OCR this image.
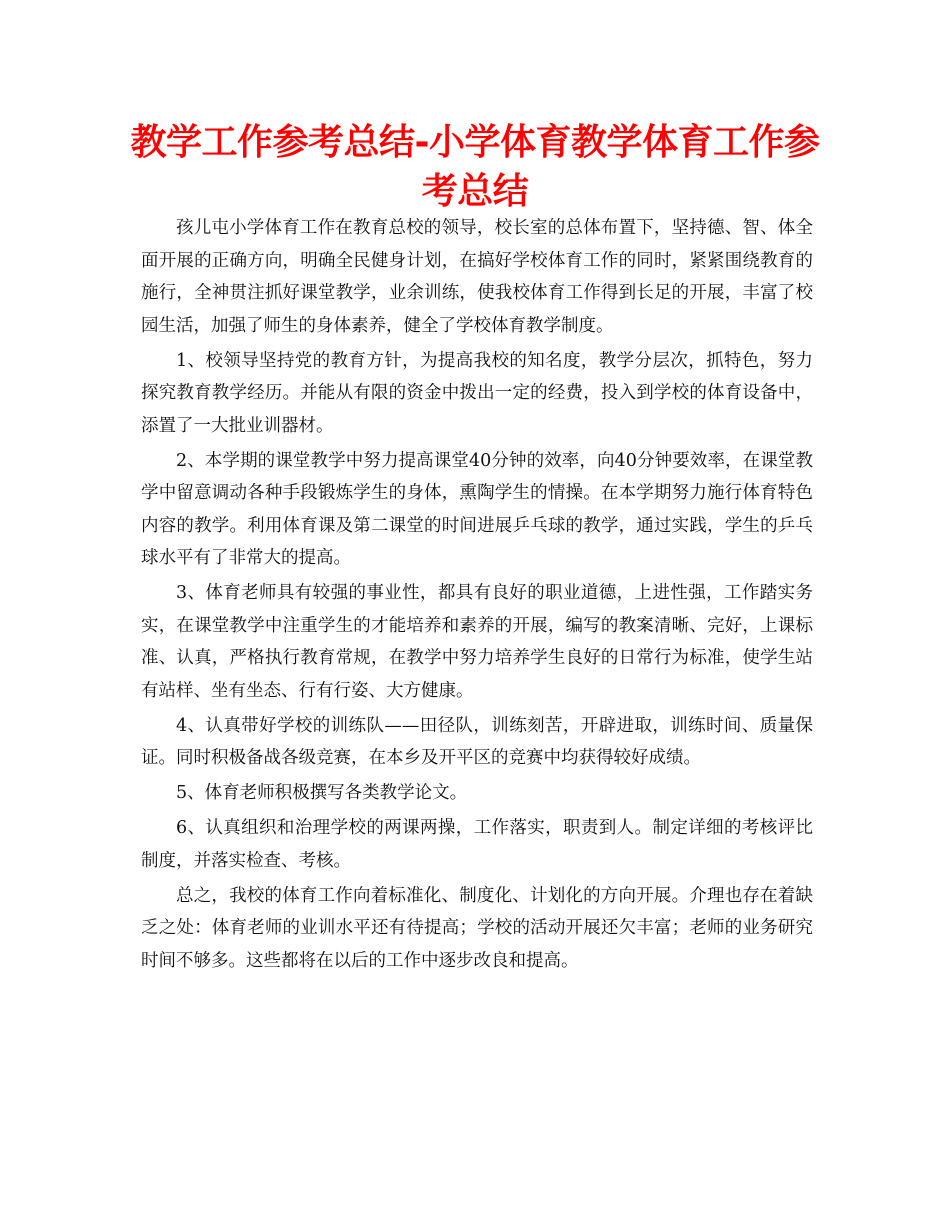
教学工作参考总结-小学体育教学体育工作参考总结

孩儿屯小学体育工作在教育总校的领导，校长室的总体布置下，坚持德、智、体全面开展的正确方向，明确全民健身计划，在搞好学校体育工作的同时，紧紧围绕教育的施行，全神贯注抓好课堂教学，业余训练，使我校体育工作得到长足的开展，丰富了校园生活，加强了师生的身体素养，健全了学校体育教学制度。

1、校领导坚持党的教育方针，为提高我校的知名度，教学分层次，抓特色，努力探究教育教学经历。并能从有限的资金中拨出一定的经费，投入到学校的体育设备中，添置了一大批业训器材。

2、本学期的课堂教学中努力提高课堂40分钟的效率，向40分钟要效率，在课堂教学中留意调动各种手段锻炼学生的身体，熏陶学生的情操。在本学期努力施行体育特色内容的教学。利用体育课及第二课堂的时间进展乒乓球的教学，通过实践，学生的乒乓球水平有了非常大的提高。

3、体育老师具有较强的事业性，都具有良好的职业道德，上进性强，工作踏实务实，在课堂教学中注重学生的才能培养和素养的开展，编写的教案清晰、完好，上课标准、认真，严格执行教育常规，在教学中努力培养学生良好的日常行为标准，使学生站有站样、坐有坐态、行有行姿、大方健康。

4、认真带好学校的训练队——田径队，训练刻苦，开辟进取，训练时间、质量保证。同时积极备战各级竞赛，在本乡及开平区的竞赛中均获得较好成绩。

5、体育老师积极撰写各类教学论文。

6、认真组织和治理学校的两课两操，工作落实，职责到人。制定详细的考核评比制度，并落实检查、考核。

总之，我校的体育工作向着标准化、制度化、计划化的方向开展。介理也存在着缺乏之处：体育老师的业训水平还有待提高；学校的活动开展还欠丰富；老师的业务研究时间不够多。这些都将在以后的工作中逐步改良和提高。
